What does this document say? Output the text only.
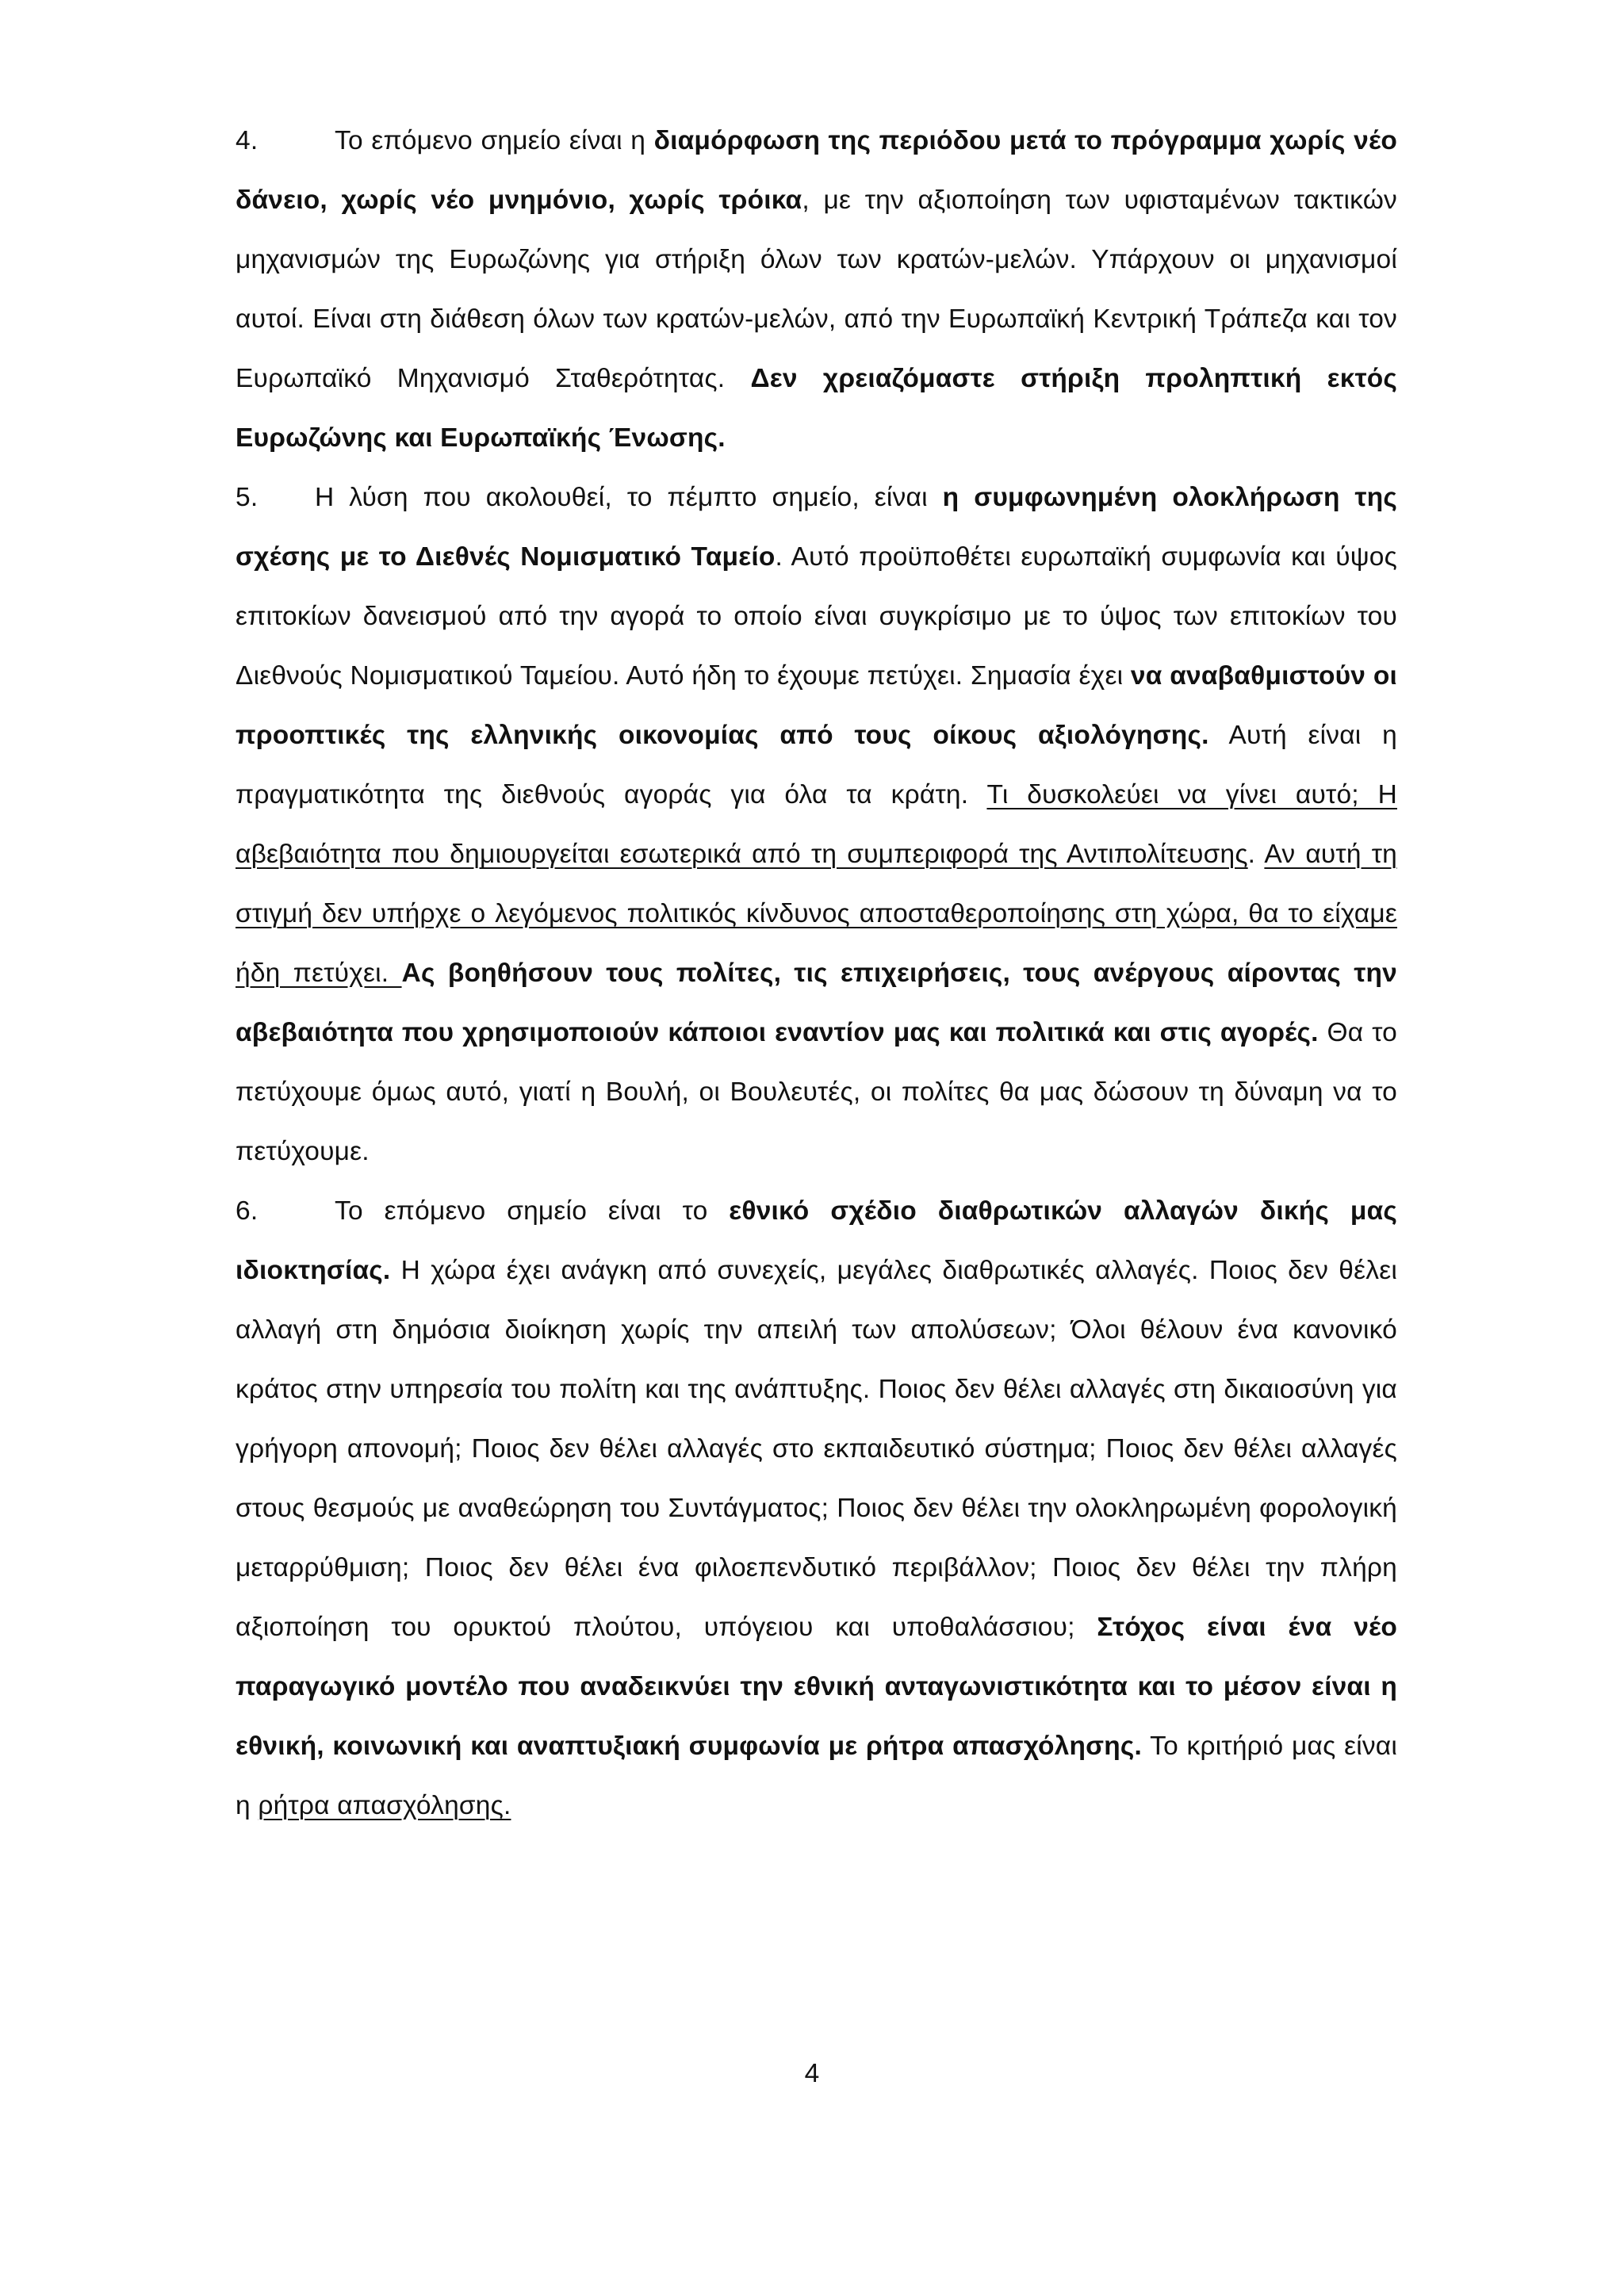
4.	Το επόμενο σημείο είναι η διαμόρφωση της περιόδου μετά το πρόγραμμα χωρίς νέο δάνειο, χωρίς νέο μνημόνιο, χωρίς τρόικα, με την αξιοποίηση των υφισταμένων τακτικών μηχανισμών της Ευρωζώνης για στήριξη όλων των κρατών-μελών. Υπάρχουν οι μηχανισμοί αυτοί. Είναι στη διάθεση όλων των κρατών-μελών, από την Ευρωπαϊκή Κεντρική Τράπεζα και τον Ευρωπαϊκό Μηχανισμό Σταθερότητας. Δεν χρειαζόμαστε στήριξη προληπτική εκτός Ευρωζώνης και Ευρωπαϊκής Ένωσης.

5. Η λύση που ακολουθεί, το πέμπτο σημείο, είναι η συμφωνημένη ολοκλήρωση της σχέσης με το Διεθνές Νομισματικό Ταμείο. Αυτό προϋποθέτει ευρωπαϊκή συμφωνία και ύψος επιτοκίων δανεισμού από την αγορά το οποίο είναι συγκρίσιμο με το ύψος των επιτοκίων του Διεθνούς Νομισματικού Ταμείου. Αυτό ήδη το έχουμε πετύχει. Σημασία έχει να αναβαθμιστούν οι προοπτικές της ελληνικής οικονομίας από τους οίκους αξιολόγησης. Αυτή είναι η πραγματικότητα της διεθνούς αγοράς για όλα τα κράτη. Τι δυσκολεύει να γίνει αυτό; Η αβεβαιότητα που δημιουργείται εσωτερικά από τη συμπεριφορά της Αντιπολίτευσης. Αν αυτή τη στιγμή δεν υπήρχε ο λεγόμενος πολιτικός κίνδυνος αποσταθεροποίησης στη χώρα, θα το είχαμε ήδη πετύχει. Ας βοηθήσουν τους πολίτες, τις επιχειρήσεις, τους ανέργους αίροντας την αβεβαιότητα που χρησιμοποιούν κάποιοι εναντίον μας και πολιτικά και στις αγορές. Θα το πετύχουμε όμως αυτό, γιατί η Βουλή, οι Βουλευτές, οι πολίτες θα μας δώσουν τη δύναμη να το πετύχουμε.

6.	Το επόμενο σημείο είναι το εθνικό σχέδιο διαθρωτικών αλλαγών δικής μας ιδιοκτησίας. Η χώρα έχει ανάγκη από συνεχείς, μεγάλες διαθρωτικές αλλαγές. Ποιος δεν θέλει αλλαγή στη δημόσια διοίκηση χωρίς την απειλή των απολύσεων; Όλοι θέλουν ένα κανονικό κράτος στην υπηρεσία του πολίτη και της ανάπτυξης. Ποιος δεν θέλει αλλαγές στη δικαιοσύνη για γρήγορη απονομή; Ποιος δεν θέλει αλλαγές στο εκπαιδευτικό σύστημα; Ποιος δεν θέλει αλλαγές στους θεσμούς με αναθεώρηση του Συντάγματος; Ποιος δεν θέλει την ολοκληρωμένη φορολογική μεταρρύθμιση; Ποιος δεν θέλει ένα φιλοεπενδυτικό περιβάλλον; Ποιος δεν θέλει την πλήρη αξιοποίηση του ορυκτού πλούτου, υπόγειου και υποθαλάσσιου; Στόχος είναι ένα νέο παραγωγικό μοντέλο που αναδεικνύει την εθνική ανταγωνιστικότητα και το μέσον είναι η εθνική, κοινωνική και αναπτυξιακή συμφωνία με ρήτρα απασχόλησης. Το κριτήριό μας είναι η ρήτρα απασχόλησης.

4
